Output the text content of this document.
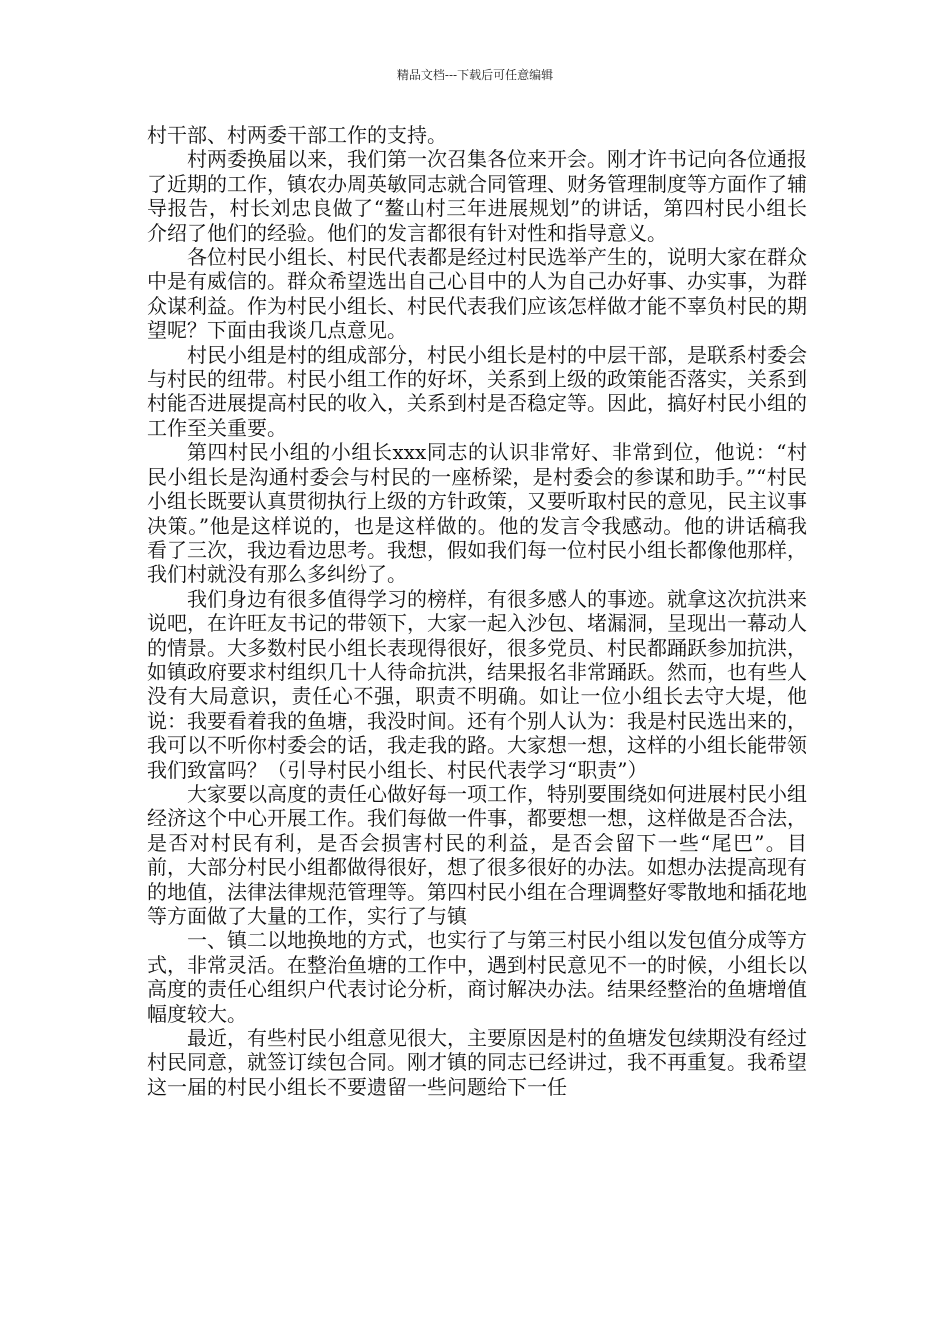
精品文档---下载后可任意编辑

村干部、村两委干部工作的支持。

村两委换届以来，我们第一次召集各位来开会。刚才许书记向各位通报了近期的工作，镇农办周英敏同志就合同管理、财务管理制度等方面作了辅导报告，村长刘忠良做了“鳌山村三年进展规划”的讲话，第四村民小组长介绍了他们的经验。他们的发言都很有针对性和指导意义。

各位村民小组长、村民代表都是经过村民选举产生的，说明大家在群众中是有威信的。群众希望选出自己心目中的人为自己办好事、办实事，为群众谋利益。作为村民小组长、村民代表我们应该怎样做才能不辜负村民的期望呢？下面由我谈几点意见。

村民小组是村的组成部分，村民小组长是村的中层干部，是联系村委会与村民的纽带。村民小组工作的好坏，关系到上级的政策能否落实，关系到村能否进展提高村民的收入，关系到村是否稳定等。因此，搞好村民小组的工作至关重要。

第四村民小组的小组长xxx同志的认识非常好、非常到位，他说：“村民小组长是沟通村委会与村民的一座桥梁，是村委会的参谋和助手。”“村民小组长既要认真贯彻执行上级的方针政策，又要听取村民的意见，民主议事决策。”他是这样说的，也是这样做的。他的发言令我感动。他的讲话稿我看了三次，我边看边思考。我想，假如我们每一位村民小组长都像他那样，我们村就没有那么多纠纷了。

我们身边有很多值得学习的榜样，有很多感人的事迹。就拿这次抗洪来说吧，在许旺友书记的带领下，大家一起入沙包、堵漏洞，呈现出一幕动人的情景。大多数村民小组长表现得很好，很多党员、村民都踊跃参加抗洪，如镇政府要求村组织几十人待命抗洪，结果报名非常踊跃。然而，也有些人没有大局意识，责任心不强，职责不明确。如让一位小组长去守大堤，他说：我要看着我的鱼塘，我没时间。还有个别人认为：我是村民选出来的，我可以不听你村委会的话，我走我的路。大家想一想，这样的小组长能带领我们致富吗？（引导村民小组长、村民代表学习“职责”）

大家要以高度的责任心做好每一项工作，特别要围绕如何进展村民小组经济这个中心开展工作。我们每做一件事，都要想一想，这样做是否合法，是否对村民有利，是否会损害村民的利益，是否会留下一些“尾巴”。目前，大部分村民小组都做得很好，想了很多很好的办法。如想办法提高现有的地值，法律法律规范管理等。第四村民小组在合理调整好零散地和插花地等方面做了大量的工作，实行了与镇

一、镇二以地换地的方式，也实行了与第三村民小组以发包值分成等方式，非常灵活。在整治鱼塘的工作中，遇到村民意见不一的时候，小组长以高度的责任心组织户代表讨论分析，商讨解决办法。结果经整治的鱼塘增值幅度较大。

最近，有些村民小组意见很大，主要原因是村的鱼塘发包续期没有经过村民同意，就签订续包合同。刚才镇的同志已经讲过，我不再重复。我希望这一届的村民小组长不要遗留一些问题给下一任
